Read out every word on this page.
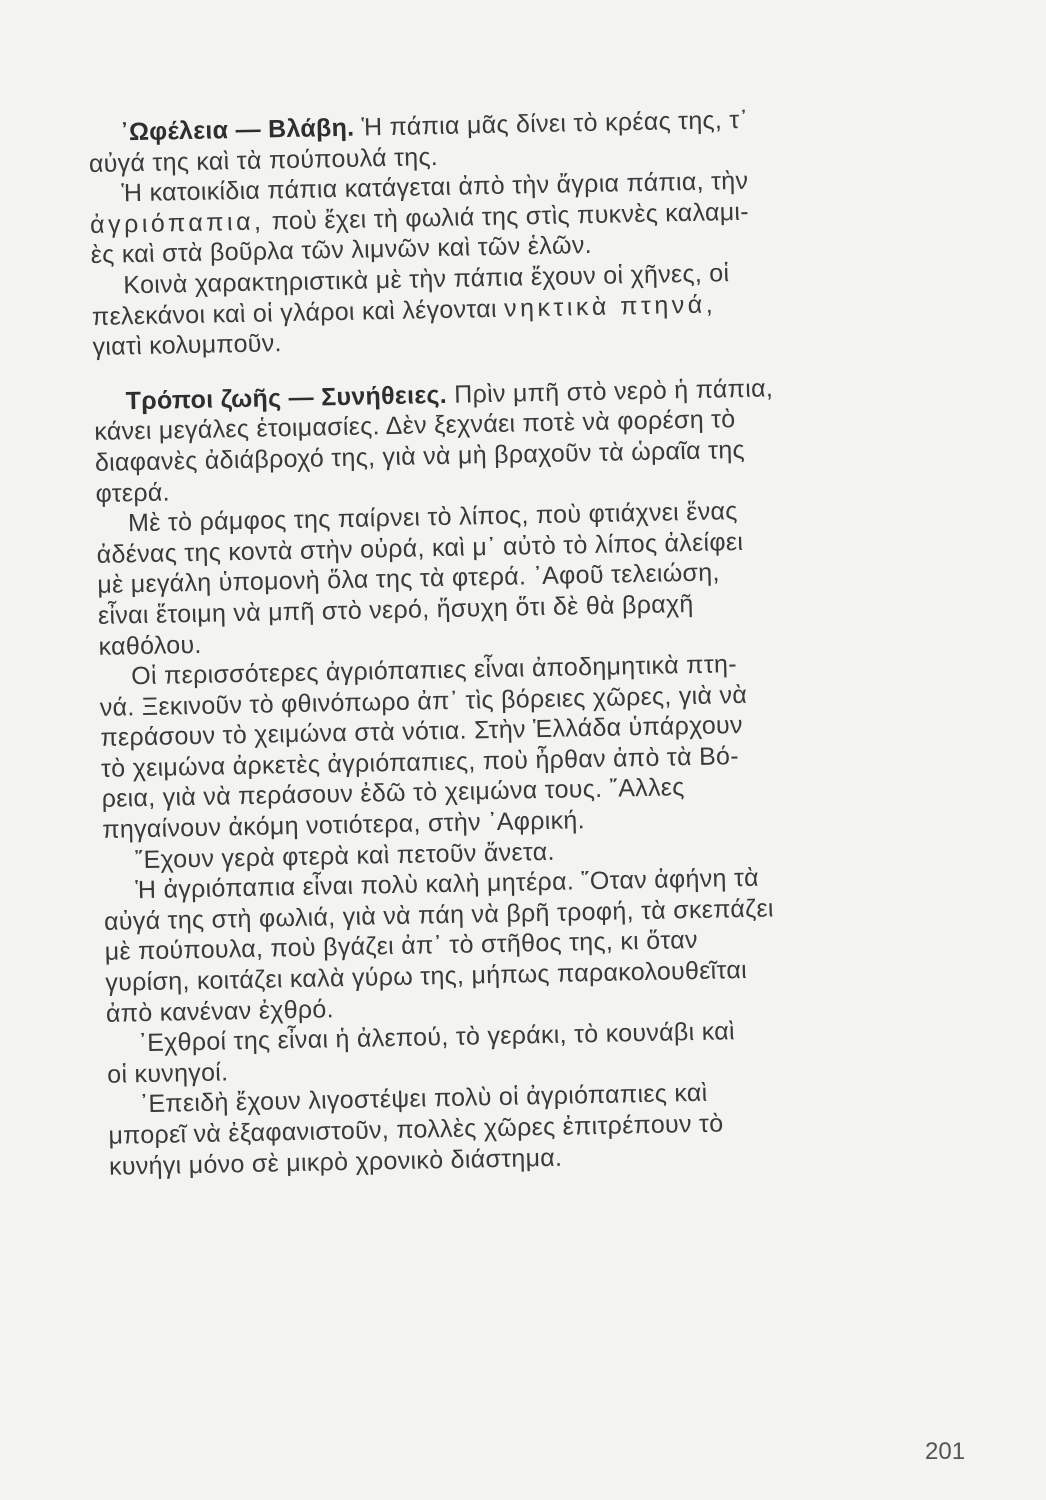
᾿Ωφέλεια — Βλάβη. Ἡ πάπια μᾶς δίνει τὸ κρέας της, τ᾿

αὐγά της καὶ τὰ πούπουλά της.

Ἡ κατοικίδια πάπια κατάγεται ἀπὸ τὴν ἄγρια πάπια, τὴν

ἀγριόπαπια, ποὺ ἔχει τὴ φωλιά της στὶς πυκνὲς καλαμι-

ὲς καὶ στὰ βοῦρλα τῶν λιμνῶν καὶ τῶν ἑλῶν.

Κοινὰ χαρακτηριστικὰ μὲ τὴν πάπια ἔχουν οἱ χῆνες, οἱ

πελεκάνοι καὶ οἱ γλάροι καὶ λέγονται νηκτικὰ πτηνά,

γιατὶ κολυμποῦν.

Τρόποι ζωῆς — Συνήθειες. Πρὶν μπῆ στὸ νερὸ ἡ πάπια,

κάνει μεγάλες ἑτοιμασίες. Δὲν ξεχνάει ποτὲ νὰ φορέση τὸ

διαφανὲς ἀδιάβροχό της, γιὰ νὰ μὴ βραχοῦν τὰ ὡραῖα της

φτερά.

Μὲ τὸ ράμφος της παίρνει τὸ λίπος, ποὺ φτιάχνει ἕνας

ἀδένας της κοντὰ στὴν οὐρά, καὶ μ᾿ αὐτὸ τὸ λίπος ἀλείφει

μὲ μεγάλη ὑπομονὴ ὅλα της τὰ φτερά. ᾿Αφοῦ τελειώση,

εἶναι ἕτοιμη νὰ μπῆ στὸ νερό, ἥσυχη ὅτι δὲ θὰ βραχῆ

καθόλου.

Οἱ περισσότερες ἀγριόπαπιες εἶναι ἀποδημητικὰ πτη-

νά. Ξεκινοῦν τὸ φθινόπωρο ἀπ᾿ τὶς βόρειες χῶρες, γιὰ νὰ

περάσουν τὸ χειμώνα στὰ νότια. Στὴν Ἑλλάδα ὑπάρχουν

τὸ χειμώνα ἀρκετὲς ἀγριόπαπιες, ποὺ ἦρθαν ἀπὸ τὰ Βό-

ρεια, γιὰ νὰ περάσουν ἐδῶ τὸ χειμώνα τους. ῎Αλλες

πηγαίνουν ἀκόμη νοτιότερα, στὴν ᾿Αφρική.

῎Εχουν γερὰ φτερὰ καὶ πετοῦν ἄνετα.

Ἡ ἀγριόπαπια εἶναι πολὺ καλὴ μητέρα. ῞Οταν ἀφήνη τὰ

αὐγά της στὴ φωλιά, γιὰ νὰ πάη νὰ βρῆ τροφή, τὰ σκεπάζει

μὲ πούπουλα, ποὺ βγάζει ἀπ᾿ τὸ στῆθος της, κι ὅταν

γυρίση, κοιτάζει καλὰ γύρω της, μήπως παρακολουθεῖται

ἀπὸ κανέναν ἐχθρό.

᾿Εχθροί της εἶναι ἡ ἀλεπού, τὸ γεράκι, τὸ κουνάβι καὶ

οἱ κυνηγοί.

᾿Επειδὴ ἔχουν λιγοστέψει πολὺ οἱ ἀγριόπαπιες καὶ

μπορεῖ νὰ ἐξαφανιστοῦν, πολλὲς χῶρες ἐπιτρέπουν τὸ

κυνήγι μόνο σὲ μικρὸ χρονικὸ διάστημα.

201
